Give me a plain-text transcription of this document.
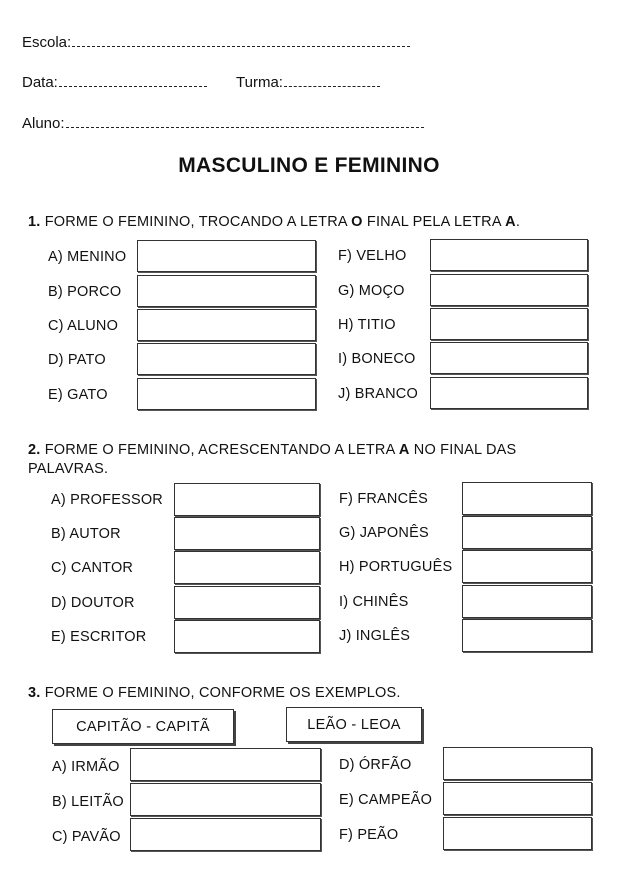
Escola:
Data:	Turma:
Aluno:
MASCULINO E FEMININO
1. FORME O FEMININO, TROCANDO A LETRA O FINAL PELA LETRA A.
A) MENINO
B) PORCO
C) ALUNO
D) PATO
E) GATO
F) VELHO
G) MOÇO
H) TITIO
I) BONECO
J) BRANCO
2. FORME O FEMININO, ACRESCENTANDO A LETRA A NO FINAL DAS PALAVRAS.
A) PROFESSOR
B) AUTOR
C) CANTOR
D) DOUTOR
E) ESCRITOR
F) FRANCÊS
G) JAPONÊS
H) PORTUGUÊS
I) CHINÊS
J) INGLÊS
3. FORME O FEMININO, CONFORME OS EXEMPLOS.
CAPITÃO - CAPITÃ	LEÃO - LEOA
A) IRMÃO
B) LEITÃO
C) PAVÃO
D) ÓRFÃO
E) CAMPEÃO
F) PEÃO
